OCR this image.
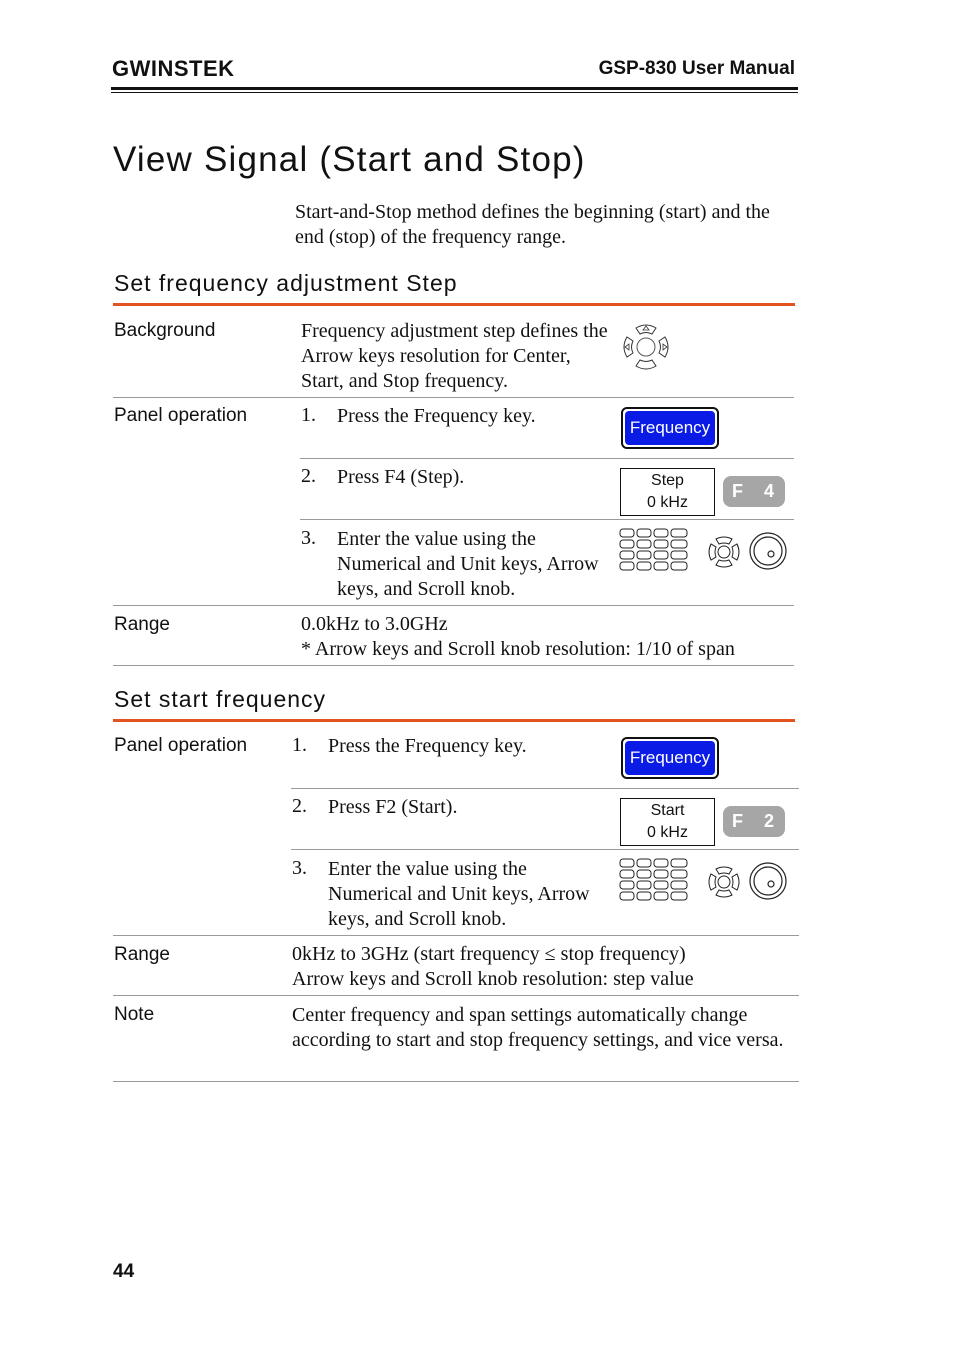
GWINSTEK	GSP-830 User Manual
View Signal (Start and Stop)
Start-and-Stop method defines the beginning (start) and the end (stop) of the frequency range.
Set frequency adjustment Step
Background	Frequency adjustment step defines the Arrow keys resolution for Center, Start, and Stop frequency.
Panel operation	1. Press the Frequency key.
Frequency
2. Press F4 (Step).	Step
0 kHz
F 4
3. Enter the value using the Numerical and Unit keys, Arrow keys, and Scroll knob.
Range	0.0kHz to 3.0GHz
* Arrow keys and Scroll knob resolution: 1/10 of span
Set start frequency
Panel operation 1. Press the Frequency key.
Frequency
2. Press F2 (Start).	Start
0 kHz
F 2
3. Enter the value using the Numerical and Unit keys, Arrow keys, and Scroll knob.
Range	0kHz to 3GHz (start frequency ≤ stop frequency)
Arrow keys and Scroll knob resolution: step value
Note	Center frequency and span settings automatically change according to start and stop frequency settings, and vice versa.
44
